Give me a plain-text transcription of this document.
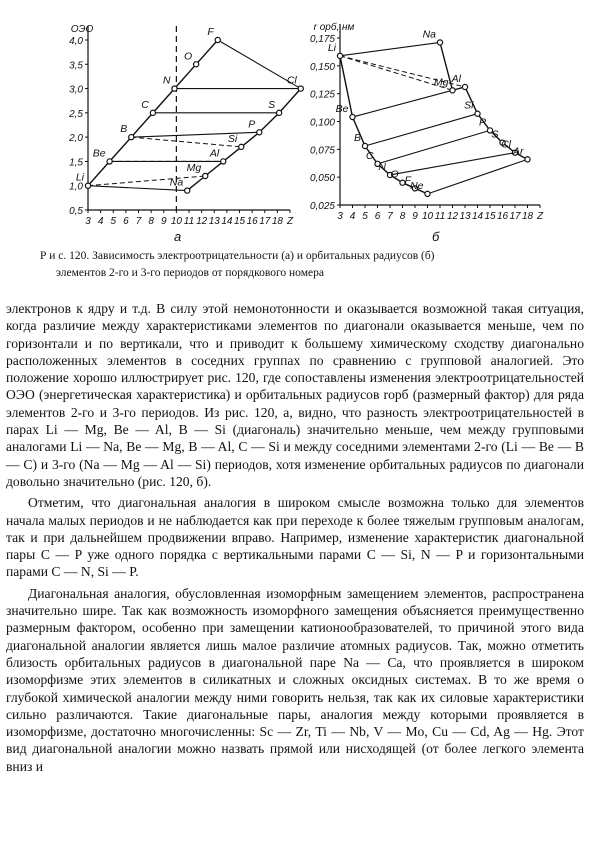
0,5
1,0
1,5
2,0
2,5
3,0
3,5
4,0
3 4 5 6 7 8 9 10 11 12 13 14 15 16 17 18 Z
ОЭО
Li
Be
B
C
N
O
F
Na
Mg
Al
Si
P
S
Cl
0,025
0,050
0,075
0,100
0,125
0,150
0,175
3 4 5 6 7 8 9 10 11 12 13 14 15 16 17 18 Z
r орб, нм
Li
Be
B
C
N
O F Ne
Na
Mg Al
Si
P
S
Cl
Ar
а	б
Р и с. 120. Зависимость электроотрицательности (а) и орбитальных радиусов (б)
элементов 2-го и 3-го периодов от порядкового номера

электронов к ядру и т.д. В силу этой немонотонности и оказывается возможной такая ситуация, когда различие между характеристиками элементов по диагонали оказывается меньше, чем по горизонтали и по вертикали, что и приводит к большему химическому сходству диагонально расположенных элементов в соседних группах по сравнению с групповой аналогией. Это положение хорошо иллюстрирует рис. 120, где сопоставлены изменения электроотрицательностей ОЭО (энергетическая характеристика) и орбитальных радиусов rорб (размерный фактор) для ряда элементов 2-го и 3-го периодов. Из рис. 120, а, видно, что разность электроотрицательностей в парах Li — Mg, Be — Al, B — Si (диагональ) значительно меньше, чем между групповыми аналогами Li — Na, Be — Mg, B — Al, C — Si и между соседними элементами 2-го (Li — Be — B — C) и 3-го (Na — Mg — Al — Si) периодов, хотя изменение орбитальных радиусов по диагонали довольно значительно (рис. 120, б).

Отметим, что диагональная аналогия в широком смысле возможна только для элементов начала малых периодов и не наблюдается как при переходе к более тяжелым групповым аналогам, так и при дальнейшем продвижении вправо. Например, изменение характеристик диагональной пары C — P уже одного порядка с вертикальными парами C — Si, N — P и горизонтальными парами C — N, Si — P.

Диагональная аналогия, обусловленная изоморфным замещением элементов, распространена значительно шире. Так как возможность изоморфного замещения объясняется преимущественно размерным фактором, особенно при замещении катионообразователей, то причиной этого вида диагональной аналогии является лишь малое различие атомных радиусов. Так, можно отметить близость орбитальных радиусов в диагональной паре Na — Ca, что проявляется в широком изоморфизме этих элементов в силикатных и сложных оксидных системах. В то же время о глубокой химической аналогии между ними говорить нельзя, так как их силовые характеристики сильно различаются. Такие диагональные пары, аналогия между которыми проявляется в изоморфизме, достаточно многочисленны: Sc — Zr, Ti — Nb, V — Mo, Cu — Cd, Ag — Hg. Этот вид диагональной аналогии можно назвать прямой или нисходящей (от более легкого элемента вниз и
